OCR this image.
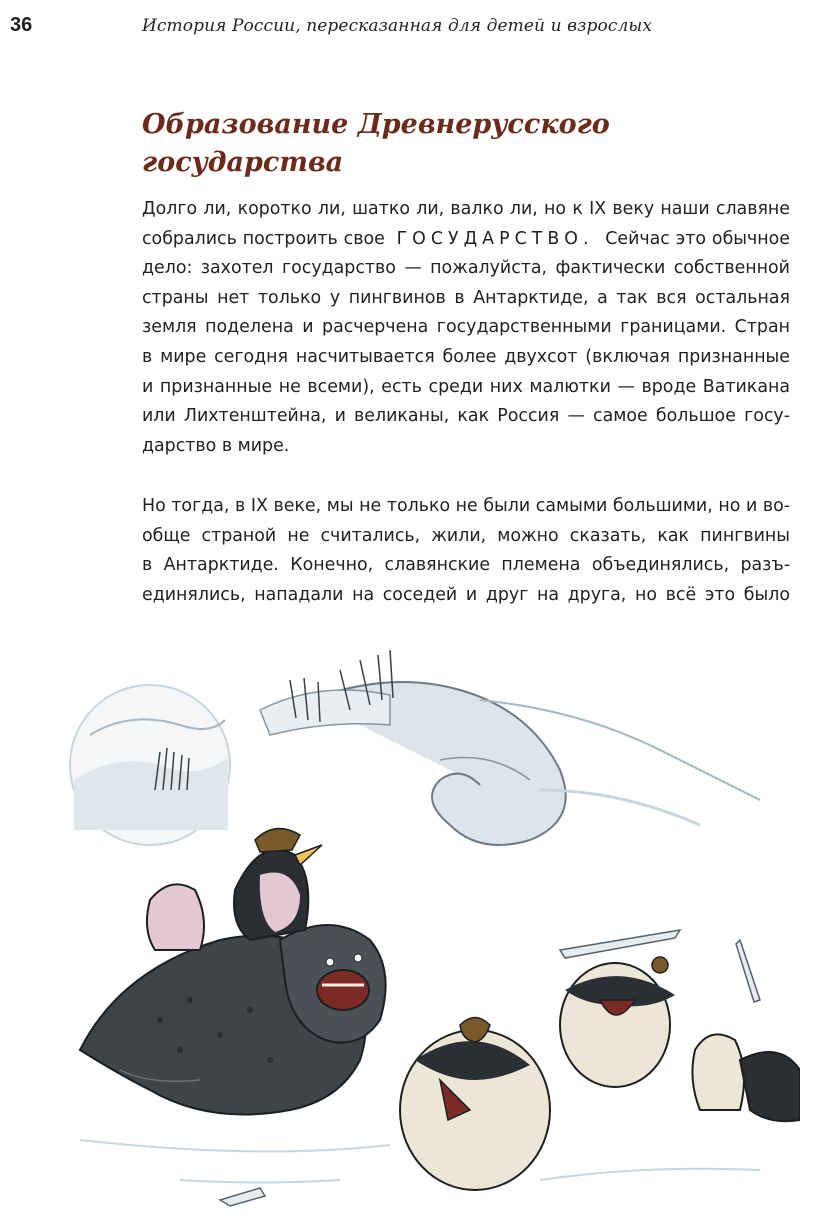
36	История России, пересказанная для детей и взрослых
Образование Древнерусского
государства

Долго ли, коротко ли, шатко ли, валко ли, но к IX веку наши славяне
собрались построить свое ГОСУДАРСТВО. Сейчас это обычное
дело: захотел государство — пожалуйста, фактически собственной
страны нет только у пингвинов в Антарктиде, а так вся остальная
земля поделена и расчерчена государственными границами. Стран
в мире сегодня насчитывается более двухсот (включая признанные
и признанные не всеми), есть среди них малютки — вроде Ватикана
или Лихтенштейна, и великаны, как Россия — самое большое госу-
дарство в мире.

Но тогда, в IX веке, мы не только не были самыми большими, но и во-
обще страной не считались, жили, можно сказать, как пингвины
в Антарктиде. Конечно, славянские племена объединялись, разъ-
единялись, нападали на соседей и друг на друга, но всё это было
